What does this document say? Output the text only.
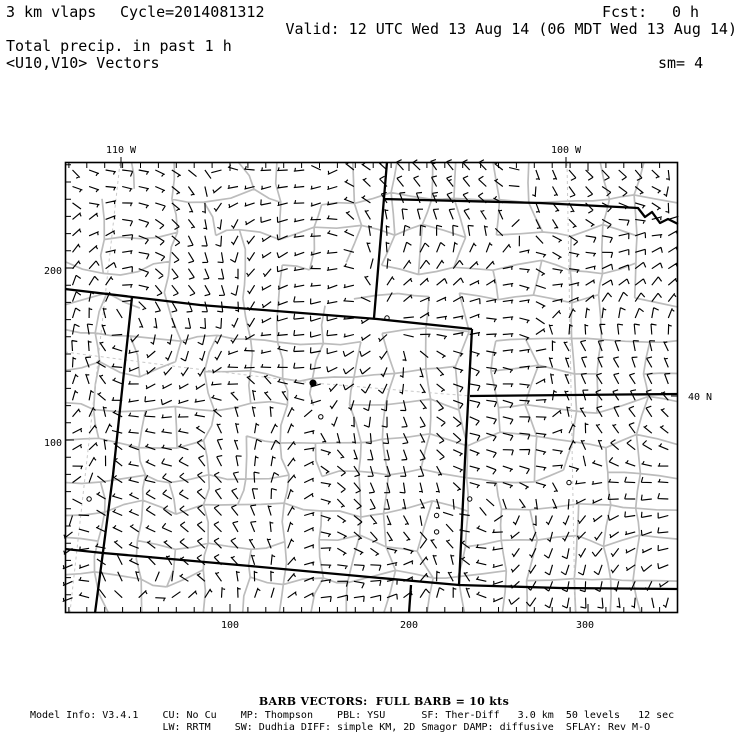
3 km vlaps Cycle=2014081312	Fcst: 0 h
Valid: 12 UTC Wed 13 Aug 14 (06 MDT Wed 13 Aug 14)
Total precip. in past 1 h
<U10,V10> Vectors	sm= 4
100	200	300
200
100
110 W	100 W
40 N
BARB VECTORS:  FULL BARB = 10 kts
Model Info: V3.4.1    CU: No Cu    MP: Thompson    PBL: YSU      SF: Ther-Diff   3.0 km  50 levels   12 sec
LW: RRTM    SW: Dudhia DIFF: simple KM, 2D Smagor DAMP: diffusive  SFLAY: Rev M-O
